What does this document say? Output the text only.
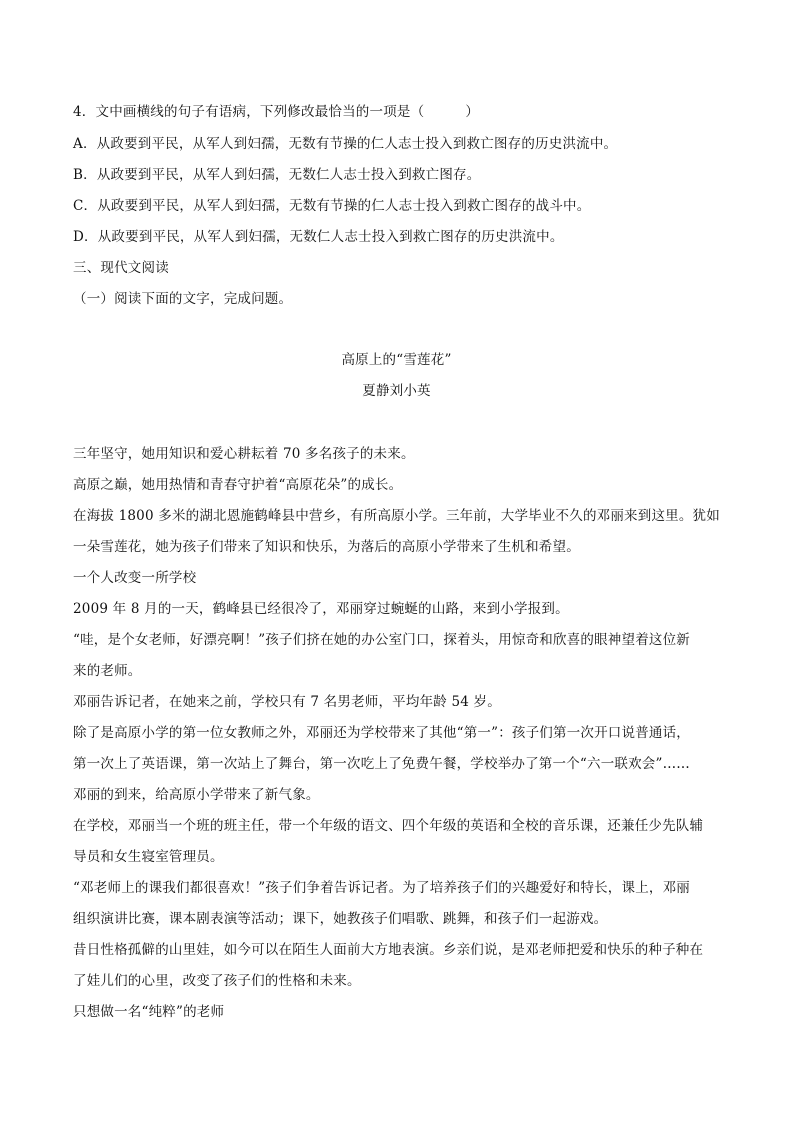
4．文中画横线的句子有语病，下列修改最恰当的一项是（　　　）
A．从政要到平民，从军人到妇孺，无数有节操的仁人志士投入到救亡图存的历史洪流中。
B．从政要到平民，从军人到妇孺，无数仁人志士投入到救亡图存。
C．从政要到平民，从军人到妇孺，无数有节操的仁人志士投入到救亡图存的战斗中。
D．从政要到平民，从军人到妇孺，无数仁人志士投入到救亡图存的历史洪流中。
三、现代文阅读
（一）阅读下面的文字，完成问题。
高原上的“雪莲花”
夏静刘小英
三年坚守，她用知识和爱心耕耘着 70 多名孩子的未来。
高原之巅，她用热情和青春守护着“高原花朵”的成长。
在海拔 1800 多米的湖北恩施鹤峰县中营乡，有所高原小学。三年前，大学毕业不久的邓丽来到这里。犹如
一朵雪莲花，她为孩子们带来了知识和快乐，为落后的高原小学带来了生机和希望。
一个人改变一所学校
2009 年 8 月的一天，鹤峰县已经很冷了，邓丽穿过蜿蜒的山路，来到小学报到。
“哇，是个女老师，好漂亮啊！”孩子们挤在她的办公室门口，探着头，用惊奇和欣喜的眼神望着这位新
来的老师。
邓丽告诉记者，在她来之前，学校只有 7 名男老师，平均年龄 54 岁。
除了是高原小学的第一位女教师之外，邓丽还为学校带来了其他“第一”：孩子们第一次开口说普通话，
第一次上了英语课，第一次站上了舞台，第一次吃上了免费午餐，学校举办了第一个“六一联欢会”……
邓丽的到来，给高原小学带来了新气象。
在学校，邓丽当一个班的班主任，带一个年级的语文、四个年级的英语和全校的音乐课，还兼任少先队辅
导员和女生寝室管理员。
“邓老师上的课我们都很喜欢！”孩子们争着告诉记者。为了培养孩子们的兴趣爱好和特长，课上，邓丽
组织演讲比赛，课本剧表演等活动；课下，她教孩子们唱歌、跳舞，和孩子们一起游戏。
昔日性格孤僻的山里娃，如今可以在陌生人面前大方地表演。乡亲们说，是邓老师把爱和快乐的种子种在
了娃儿们的心里，改变了孩子们的性格和未来。
只想做一名“纯粹”的老师
